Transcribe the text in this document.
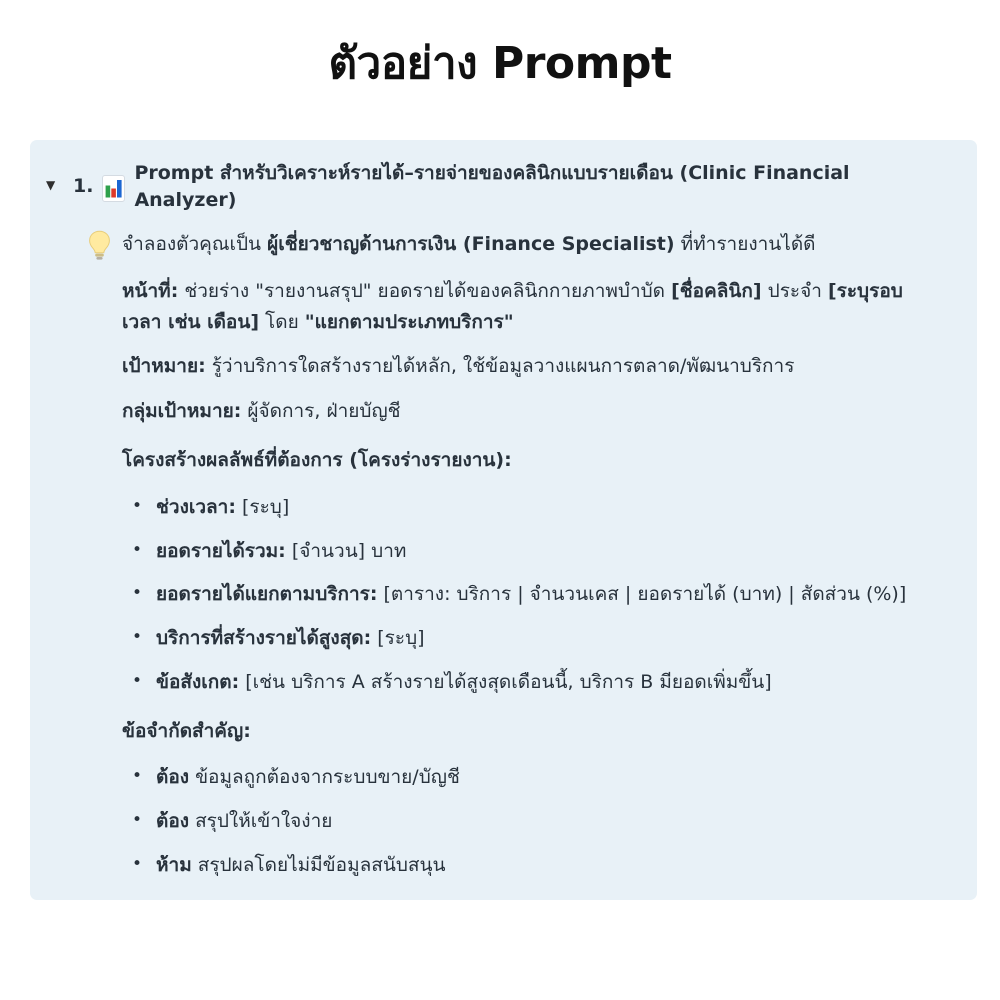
ตัวอย่าง Prompt
▼ 1.
Prompt สำหรับวิเคราะห์รายได้–รายจ่ายของคลินิกแบบรายเดือน (Clinic Financial Analyzer)
จำลองตัวคุณเป็น ผู้เชี่ยวชาญด้านการเงิน (Finance Specialist) ที่ทำรายงานได้ดี
หน้าที่: ช่วยร่าง "รายงานสรุป" ยอดรายได้ของคลินิกกายภาพบำบัด [ชื่อคลินิก] ประจำ [ระบุรอบเวลา เช่น เดือน] โดย "แยกตามประเภทบริการ"
เป้าหมาย: รู้ว่าบริการใดสร้างรายได้หลัก, ใช้ข้อมูลวางแผนการตลาด/พัฒนาบริการ
กลุ่มเป้าหมาย: ผู้จัดการ, ฝ่ายบัญชี
โครงสร้างผลลัพธ์ที่ต้องการ (โครงร่างรายงาน):
• ช่วงเวลา: [ระบุ]
• ยอดรายได้รวม: [จำนวน] บาท
• ยอดรายได้แยกตามบริการ: [ตาราง: บริการ | จำนวนเคส | ยอดรายได้ (บาท) | สัดส่วน (%)]
• บริการที่สร้างรายได้สูงสุด: [ระบุ]
• ข้อสังเกต: [เช่น บริการ A สร้างรายได้สูงสุดเดือนนี้, บริการ B มียอดเพิ่มขึ้น]
ข้อจำกัดสำคัญ:
• ต้อง ข้อมูลถูกต้องจากระบบขาย/บัญชี
• ต้อง สรุปให้เข้าใจง่าย
• ห้าม สรุปผลโดยไม่มีข้อมูลสนับสนุน
